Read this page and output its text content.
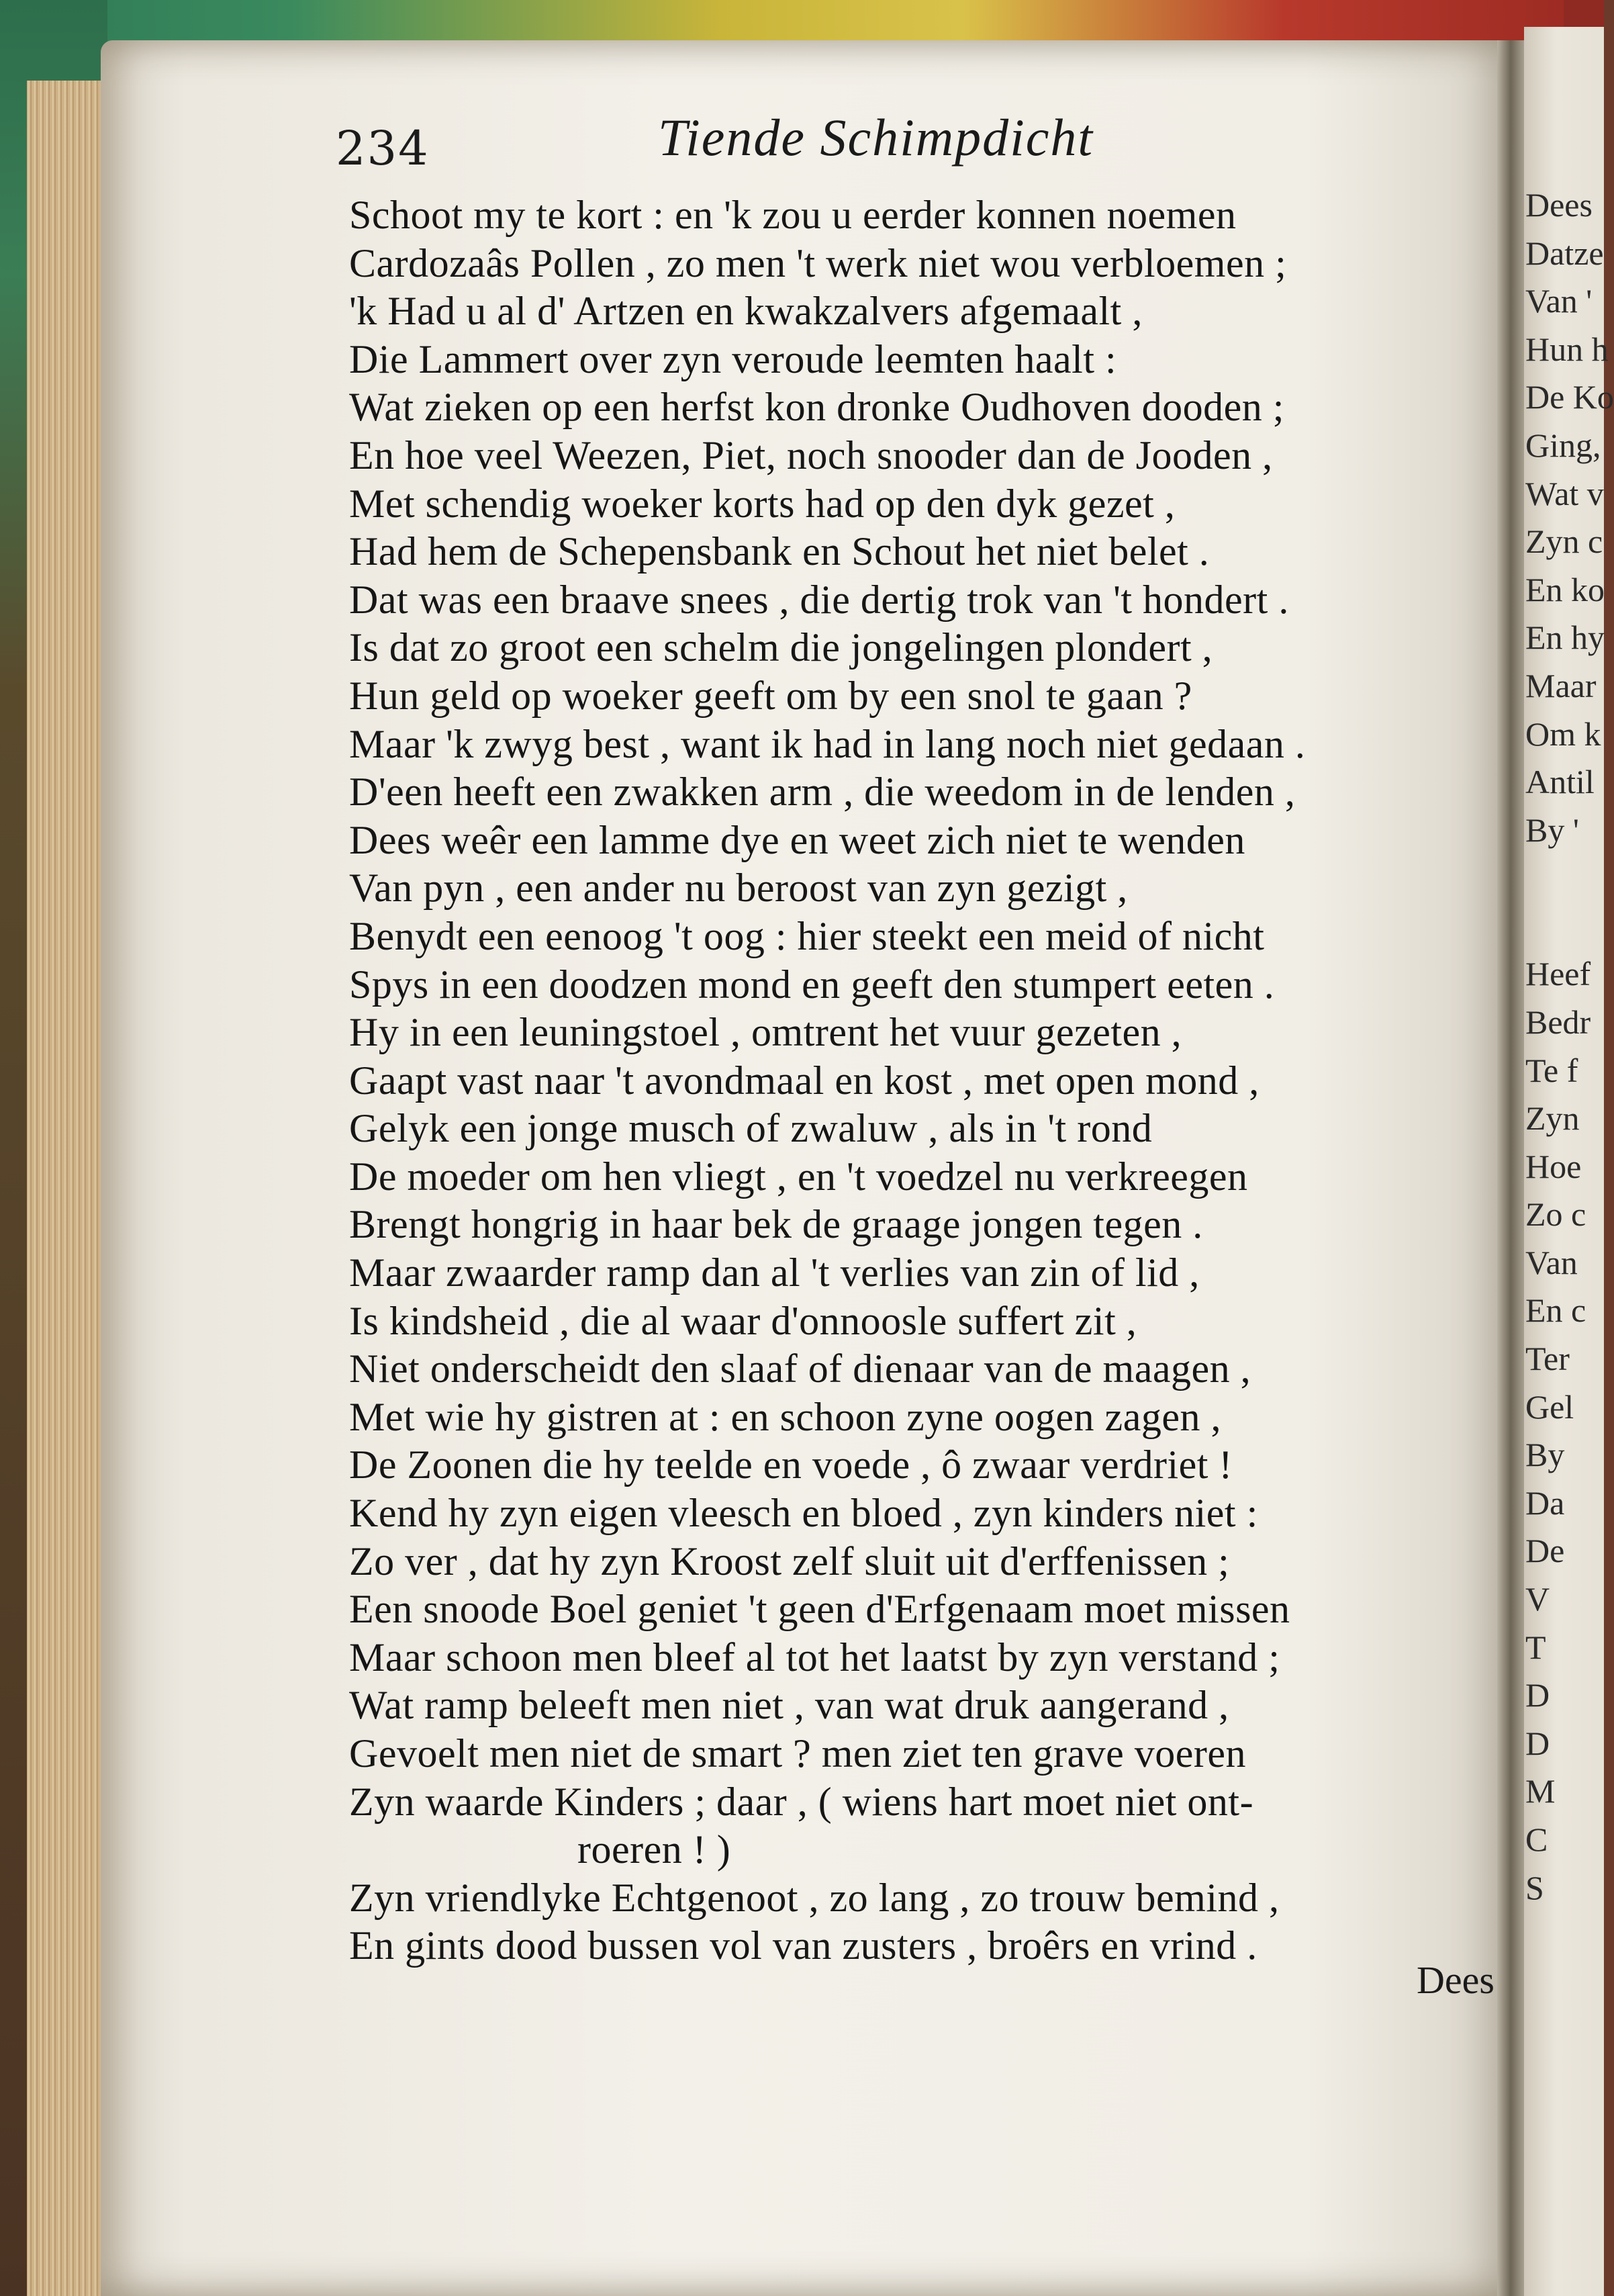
234	Tiende Schimpdicht
Schoot my te kort : en 'k zou u eerder konnen noemen
Cardozaâs Pollen , zo men 't werk niet wou verbloemen ;
'k Had u al d' Artzen en kwakzalvers afgemaalt ,
Die Lammert over zyn veroude leemten haalt :
Wat zieken op een herfst kon dronke Oudhoven dooden ;
En hoe veel Weezen, Piet, noch snooder dan de Jooden ,
Met schendig woeker korts had op den dyk gezet ,
Had hem de Schepensbank en Schout het niet belet .
Dat was een braave snees , die dertig trok van 't hondert .
Is dat zo groot een schelm die jongelingen plondert ,
Hun geld op woeker geeft om by een snol te gaan ?
Maar 'k zwyg best , want ik had in lang noch niet gedaan .
D'een heeft een zwakken arm , die weedom in de lenden ,
Dees weêr een lamme dye en weet zich niet te wenden
Van pyn , een ander nu beroost van zyn gezigt ,
Benydt een eenoog 't oog : hier steekt een meid of nicht
Spys in een doodzen mond en geeft den stumpert eeten .
Hy in een leuningstoel , omtrent het vuur gezeten ,
Gaapt vast naar 't avondmaal en kost , met open mond ,
Gelyk een jonge musch of zwaluw , als in 't rond
De moeder om hen vliegt , en 't voedzel nu verkreegen
Brengt hongrig in haar bek de graage jongen tegen .
Maar zwaarder ramp dan al 't verlies van zin of lid ,
Is kindsheid , die al waar d'onnoosle suffert zit ,
Niet onderscheidt den slaaf of dienaar van de maagen ,
Met wie hy gistren at : en schoon zyne oogen zagen ,
De Zoonen die hy teelde en voede , ô zwaar verdriet !
Kend hy zyn eigen vleesch en bloed , zyn kinders niet :
Zo ver , dat hy zyn Kroost zelf sluit uit d'erffenissen ;
Een snoode Boel geniet 't geen d'Erfgenaam moet missen
Maar schoon men bleef al tot het laatst by zyn verstand ;
Wat ramp beleeft men niet , van wat druk aangerand ,
Gevoelt men niet de smart ? men ziet ten grave voeren
Zyn waarde Kinders ; daar , ( wiens hart moet niet ont-
roeren ! )
Zyn vriendlyke Echtgenoot , zo lang , zo trouw bemind ,
En gints dood bussen vol van zusters , broêrs en vrind .
Dees
Dees
Datze
Van '
Hun h
De Ko
Ging,
Wat v
Zyn c
En ko
En hy
Maar
Om k
Antil
By '
Heef
Bedr
Te f
Zyn
Hoe
Zo c
Van
En c
Ter
Gel
By
Da
De
V
T
D
D
M
C
S
